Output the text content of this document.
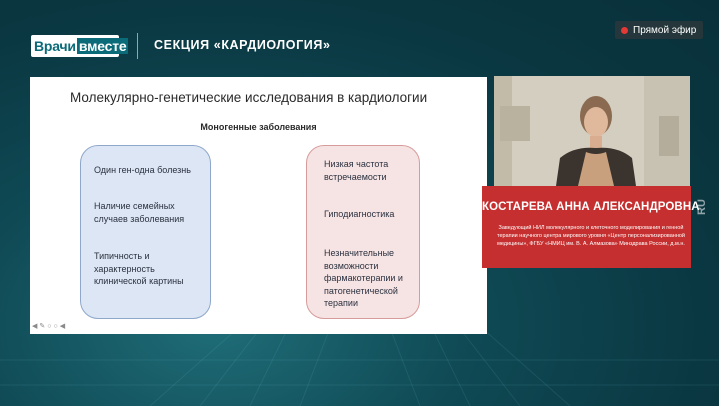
Врачи вместе СЕКЦИЯ «КАРДИОЛОГИЯ»
Прямой эфир
Молекулярно-генетические исследования в кардиологии
Моногенные заболевания
Один ген-одна болезнь
Наличие семейных случаев заболевания
Типичность и характерность клинической картины
Низкая частота встречаемости
Гиподиагностика
Незначительные возможности фармакотерапии и патогенетической терапии
◀ ✎ ○ ○ ◀
КОСТАРЕВА АННА АЛЕКСАНДРОВНА
Заведующий НИЛ молекулярного и клеточного моделирования и генной терапии научного центра мирового уровня «Центр персонализированной медицины», ФГБУ «НМИЦ им. В. А. Алмазова» Минздрава России, д.м.н.
RU
